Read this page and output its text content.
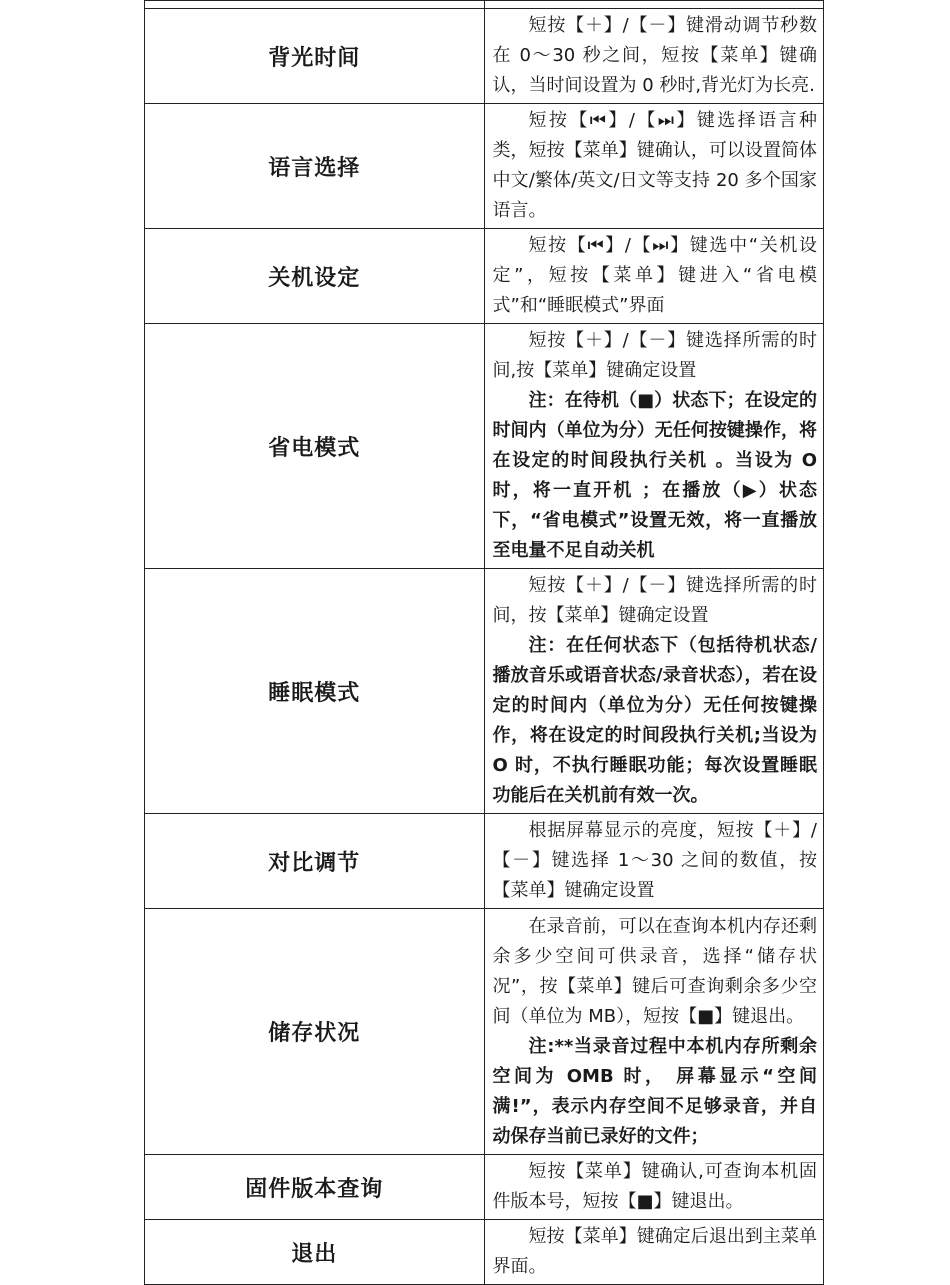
背光时间	短按【＋】/【－】键滑动调节秒数在 0～30 秒之间，短按【菜单】键确认，当时间设置为 0 秒时,背光灯为长亮.

语言选择	短按【⏮】/【⏭】键选择语言种类，短按【菜单】键确认，可以设置简体中文/繁体/英文/日文等支持 20 多个国家语言。

关机设定	短按【⏮】/【⏭】键选中“关机设定”，短按【菜单】键进入“省电模式”和“睡眠模式”界面

省电模式	短按【＋】/【－】键选择所需的时间,按【菜单】键确定设置
注：在待机（■）状态下；在设定的时间内（单位为分）无任何按键操作，将在设定的时间段执行关机 。当设为 O 时，将一直开机 ；在播放（▶）状态下，“省电模式”设置无效，将一直播放至电量不足自动关机

睡眠模式	短按【＋】/【－】键选择所需的时间，按【菜单】键确定设置
注：在任何状态下（包括待机状态/播放音乐或语音状态/录音状态），若在设定的时间内（单位为分）无任何按键操作，将在设定的时间段执行关机;当设为 O 时，不执行睡眠功能；每次设置睡眠功能后在关机前有效一次。

对比调节	根据屏幕显示的亮度，短按【＋】/【－】键选择 1～30 之间的数值，按【菜单】键确定设置

储存状况	在录音前，可以在查询本机内存还剩余多少空间可供录音，选择“储存状况”，按【菜单】键后可查询剩余多少空间（单位为 MB），短按【■】键退出。
注:**当录音过程中本机内存所剩余空间为 OMB 时， 屏幕显示“空间满!”，表示内存空间不足够录音，并自动保存当前已录好的文件；

固件版本查询	短按【菜单】键确认,可查询本机固件版本号，短按【■】键退出。

退出	短按【菜单】键确定后退出到主菜单界面。
